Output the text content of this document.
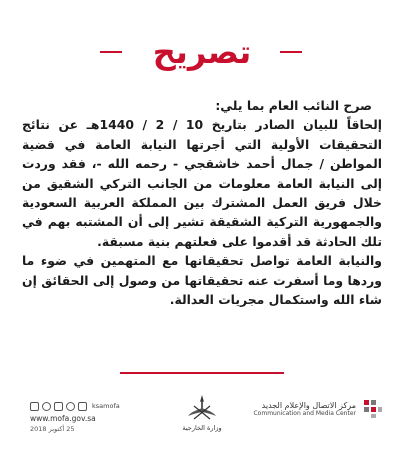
تصريح

صرح النائب العام بما يلي:

إلحاقاً للبيان الصادر بتاريخ 10 / 2 / 1440هـ عن نتائج التحقيقات الأولية التي أجرتها النيابة العامة في قضية المواطن / جمال أحمد خاشقجي - رحمه الله -، فقد وردت إلى النيابة العامة معلومات من الجانب التركي الشقيق من خلال فريق العمل المشترك بين المملكة العربية السعودية والجمهورية التركية الشقيقة تشير إلى أن المشتبه بهم في تلك الحادثة قد أقدموا على فعلتهم بنية مسبقة.

والنيابة العامة تواصل تحقيقاتها مع المتهمين في ضوء ما وردها وما أسفرت عنه تحقيقاتها من وصول إلى الحقائق إن شاء الله واستكمال مجريات العدالة.

ksamofa
www.mofa.gov.sa
25 أكتوبر 2018	وزارة الخارجية
مركز الاتصال والإعلام الجديد
Communication and Media Center
